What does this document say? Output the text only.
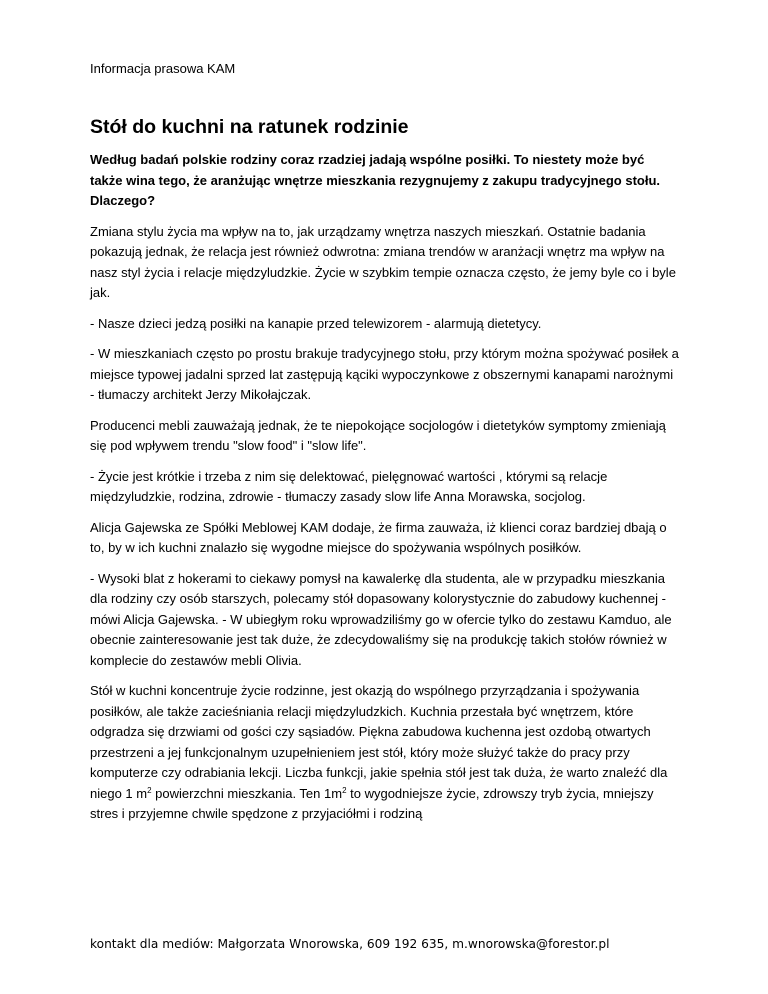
Informacja prasowa KAM
Stół do kuchni na ratunek rodzinie

Według badań polskie rodziny coraz rzadziej jadają wspólne posiłki. To niestety może być także wina tego, że aranżując wnętrze mieszkania rezygnujemy z zakupu tradycyjnego stołu. Dlaczego?

Zmiana stylu życia ma wpływ na to, jak urządzamy wnętrza naszych mieszkań. Ostatnie badania pokazują jednak, że relacja jest również odwrotna: zmiana trendów w aranżacji wnętrz ma wpływ na nasz styl życia i relacje międzyludzkie. Życie w szybkim tempie oznacza często, że jemy byle co i byle jak.

- Nasze dzieci jedzą posiłki na kanapie przed telewizorem - alarmują dietetycy.

- W mieszkaniach często po prostu brakuje tradycyjnego stołu, przy którym można spożywać posiłek a miejsce typowej jadalni sprzed lat zastępują kąciki wypoczynkowe z obszernymi kanapami narożnymi - tłumaczy architekt Jerzy Mikołajczak.

Producenci mebli zauważają jednak, że te niepokojące socjologów i dietetyków symptomy zmieniają się pod wpływem trendu "slow food" i "slow life".

- Życie jest krótkie i trzeba z nim się delektować, pielęgnować wartości , którymi są relacje międzyludzkie, rodzina, zdrowie - tłumaczy zasady slow life Anna Morawska, socjolog.

Alicja Gajewska ze Spółki Meblowej KAM dodaje, że firma zauważa, iż klienci coraz bardziej dbają o to, by w ich kuchni znalazło się wygodne miejsce do spożywania wspólnych posiłków.

- Wysoki blat z hokerami to ciekawy pomysł na kawalerkę dla studenta, ale w przypadku mieszkania dla rodziny czy osób starszych, polecamy stół dopasowany kolorystycznie do zabudowy kuchennej - mówi Alicja Gajewska. - W ubiegłym roku wprowadziliśmy go w ofercie tylko do zestawu Kamduo, ale obecnie zainteresowanie jest tak duże, że zdecydowaliśmy się na produkcję takich stołów również w komplecie do zestawów mebli Olivia.

Stół w kuchni koncentruje życie rodzinne, jest okazją do wspólnego przyrządzania i spożywania posiłków, ale także zacieśniania relacji międzyludzkich. Kuchnia przestała być wnętrzem, które odgradza się drzwiami od gości czy sąsiadów. Piękna zabudowa kuchenna jest ozdobą otwartych przestrzeni a jej funkcjonalnym uzupełnieniem jest stół, który może służyć także do pracy przy komputerze czy odrabiania lekcji. Liczba funkcji, jakie spełnia stół jest tak duża, że warto znaleźć dla niego 1 $m^2$ powierzchni mieszkania. Ten $1m^2$ to wygodniejsze życie, zdrowszy tryb życia, mniejszy stres i przyjemne chwile spędzone z przyjaciółmi i rodziną

kontakt dla mediów: Małgorzata Wnorowska, 609 192 635, m.wnorowska@forestor.pl
